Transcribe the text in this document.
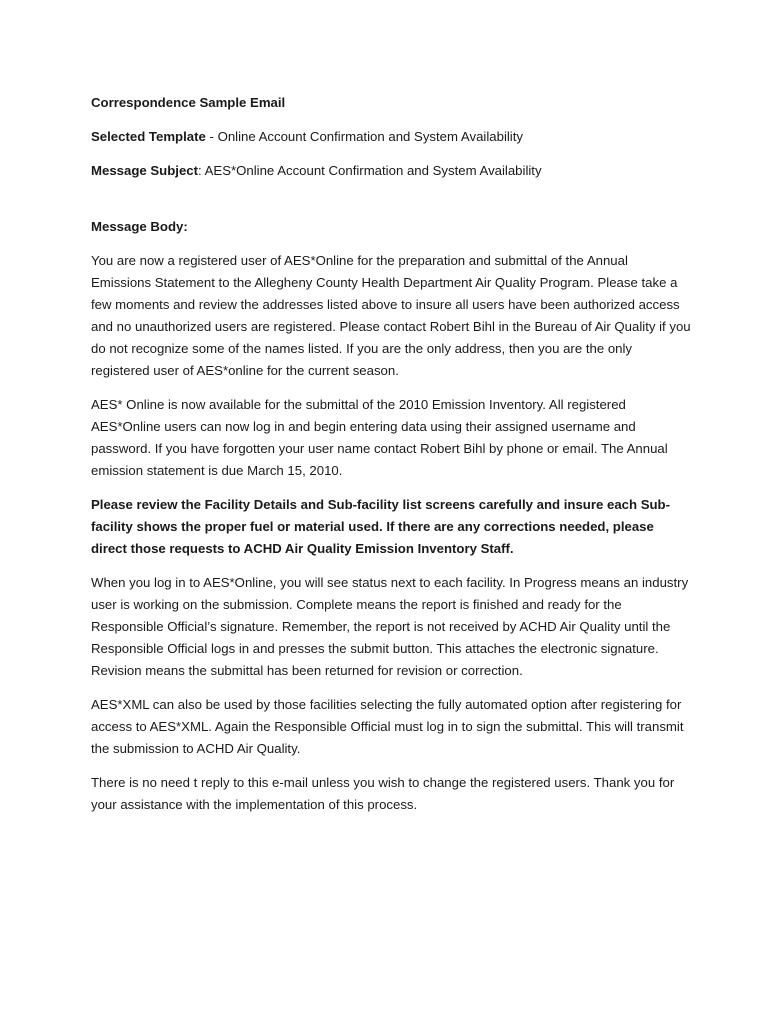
Correspondence Sample Email
Selected Template - Online Account Confirmation and System Availability
Message Subject: AES*Online Account Confirmation and System Availability
Message Body:

You are now a registered user of AES*Online for the preparation and submittal of the Annual Emissions Statement to the Allegheny County Health Department Air Quality Program. Please take a few moments and review the addresses listed above to insure all users have been authorized access and no unauthorized users are registered. Please contact Robert Bihl in the Bureau of Air Quality if you do not recognize some of the names listed. If you are the only address, then you are the only registered user of AES*online for the current season.

AES* Online is now available for the submittal of the 2010 Emission Inventory. All registered AES*Online users can now log in and begin entering data using their assigned username and password. If you have forgotten your user name contact Robert Bihl by phone or email. The Annual emission statement is due March 15, 2010.

Please review the Facility Details and Sub-facility list screens carefully and insure each Sub-facility shows the proper fuel or material used. If there are any corrections needed, please direct those requests to ACHD Air Quality Emission Inventory Staff.

When you log in to AES*Online, you will see status next to each facility. In Progress means an industry user is working on the submission. Complete means the report is finished and ready for the Responsible Official’s signature. Remember, the report is not received by ACHD Air Quality until the Responsible Official logs in and presses the submit button. This attaches the electronic signature. Revision means the submittal has been returned for revision or correction.

AES*XML can also be used by those facilities selecting the fully automated option after registering for access to AES*XML. Again the Responsible Official must log in to sign the submittal. This will transmit the submission to ACHD Air Quality.

There is no need t reply to this e-mail unless you wish to change the registered users. Thank you for your assistance with the implementation of this process.
